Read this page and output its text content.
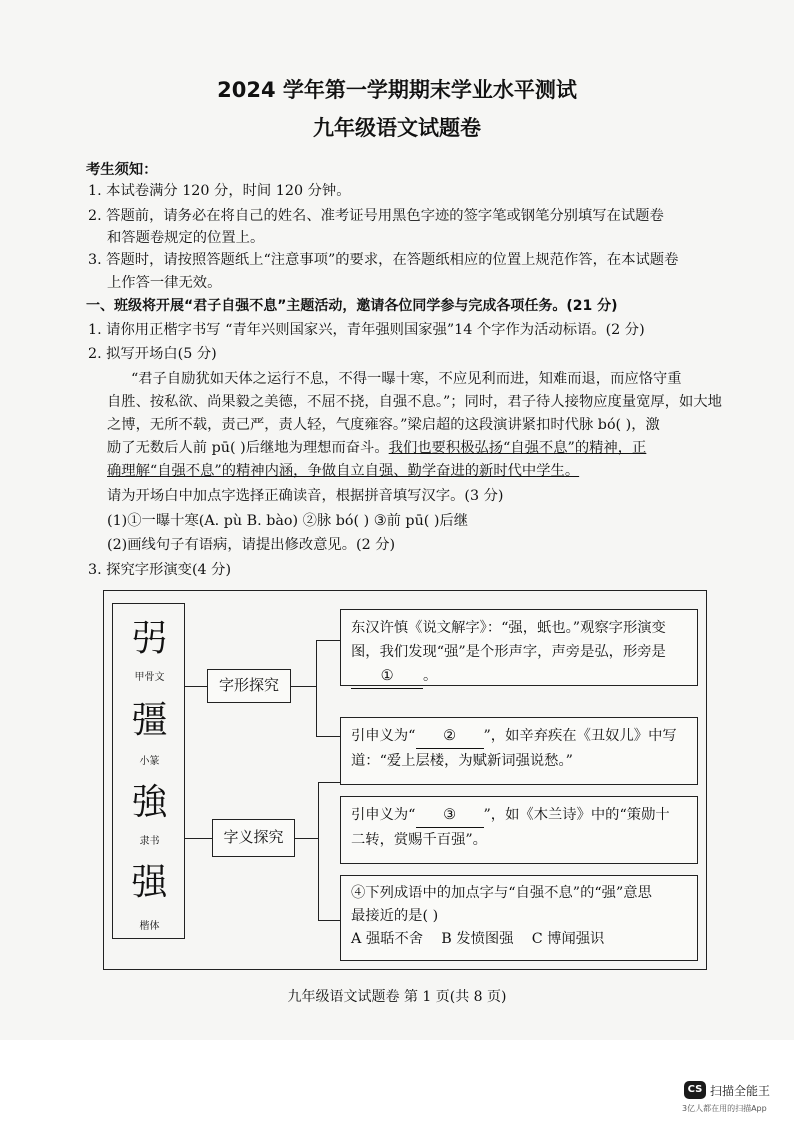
2024 学年第一学期期末学业水平测试
九年级语文试题卷
考生须知：
1. 本试卷满分 120 分，时间 120 分钟。
2. 答题前，请务必在将自己的姓名、准考证号用黑色字迹的签字笔或钢笔分别填写在试题卷
和答题卷规定的位置上。
3. 答题时，请按照答题纸上“注意事项”的要求，在答题纸相应的位置上规范作答，在本试题卷
上作答一律无效。
一、班级将开展“君子自强不息”主题活动，邀请各位同学参与完成各项任务。(21 分)
1. 请你用正楷字书写 “青年兴则国家兴，青年强则国家强”14 个字作为活动标语。(2 分)
2. 拟写开场白(5 分)
“君子自励犹如天体之运行不息，不得一曝十寒，不应见利而进，知难而退，而应恪守重
自胜、按私欲、尚果毅之美德，不屈不挠，自强不息。”；同时，君子待人接物应度量宽厚，如大地
之博，无所不载，责己严，责人轻，气度雍容。”梁启超的这段演讲紧扣时代脉 bó( )，激
励了无数后人前 pū( )后继地为理想而奋斗。我们也要积极弘扬“自强不息”的精神，正
确理解“自强不息”的精神内涵，争做自立自强、勤学奋进的新时代中学生。
请为开场白中加点字选择正确读音，根据拼音填写汉字。(3 分)
(1)①一曝十寒(A. pù B. bào) ②脉 bó( ) ③前 pū( )后继
(2)画线句子有语病，请提出修改意见。(2 分)
3. 探究字形演变(4 分)
弜
甲骨文
彊
小篆
強
隶书
强
楷体
字形探究
字义探究
东汉许慎《说文解字》：“强，蚔也。”观察字形演变
图，我们发现“强”是个形声字，声旁是弘，形旁是
① 。
引申义为“ ② ”，如辛弃疾在《丑奴儿》中写
道：“爱上层楼，为赋新词强说愁。”
引申义为“ ③ ”，如《木兰诗》中的“策勋十
二转，赏赐千百强”。
④下列成语中的加点字与“自强不息”的“强”意思
最接近的是( )
A 强聒不舍 B 发愤图强 C 博闻强识
九年级语文试题卷 第 1 页(共 8 页)
CS 扫描全能王
3亿人都在用的扫描App
